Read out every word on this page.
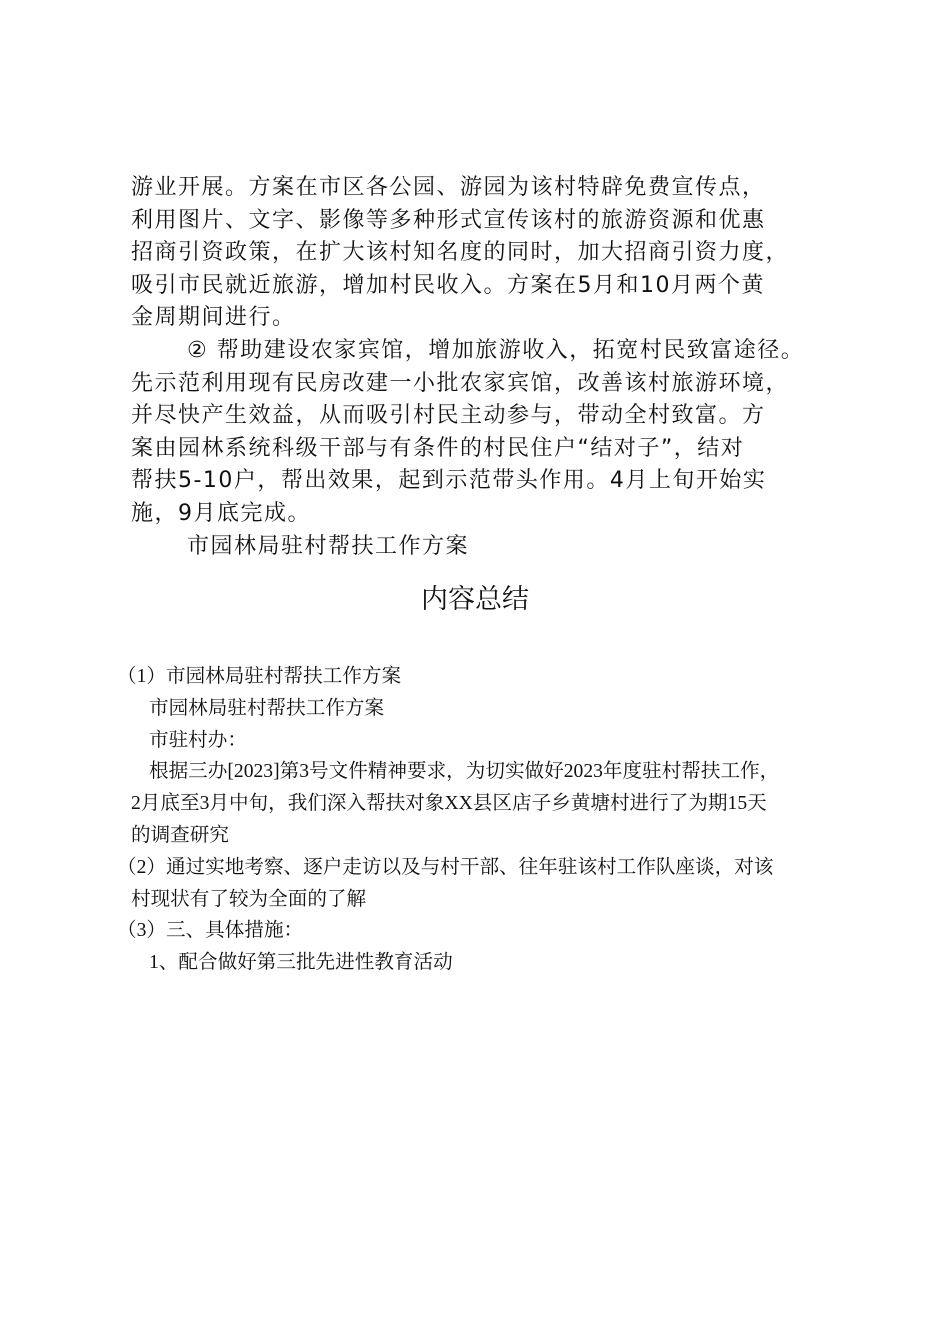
游业开展。方案在市区各公园、游园为该村特辟免费宣传点，
利用图片、文字、影像等多种形式宣传该村的旅游资源和优惠
招商引资政策，在扩大该村知名度的同时，加大招商引资力度，
吸引市民就近旅游，增加村民收入。方案在5月和10月两个黄
金周期间进行。
② 帮助建设农家宾馆，增加旅游收入，拓宽村民致富途径。
先示范利用现有民房改建一小批农家宾馆，改善该村旅游环境，
并尽快产生效益，从而吸引村民主动参与，带动全村致富。方
案由园林系统科级干部与有条件的村民住户“结对子”，结对
帮扶5-10户，帮出效果，起到示范带头作用。4月上旬开始实
施，9月底完成。
市园林局驻村帮扶工作方案
内容总结
（1）市园林局驻村帮扶工作方案
市园林局驻村帮扶工作方案
市驻村办：
根据三办[2023]第3号文件精神要求，为切实做好2023年度驻村帮扶工作，
2月底至3月中旬，我们深入帮扶对象XX县区店子乡黄塘村进行了为期15天
的调查研究
（2）通过实地考察、逐户走访以及与村干部、往年驻该村工作队座谈，对该
村现状有了较为全面的了解
（3）三、具体措施：
1、配合做好第三批先进性教育活动
